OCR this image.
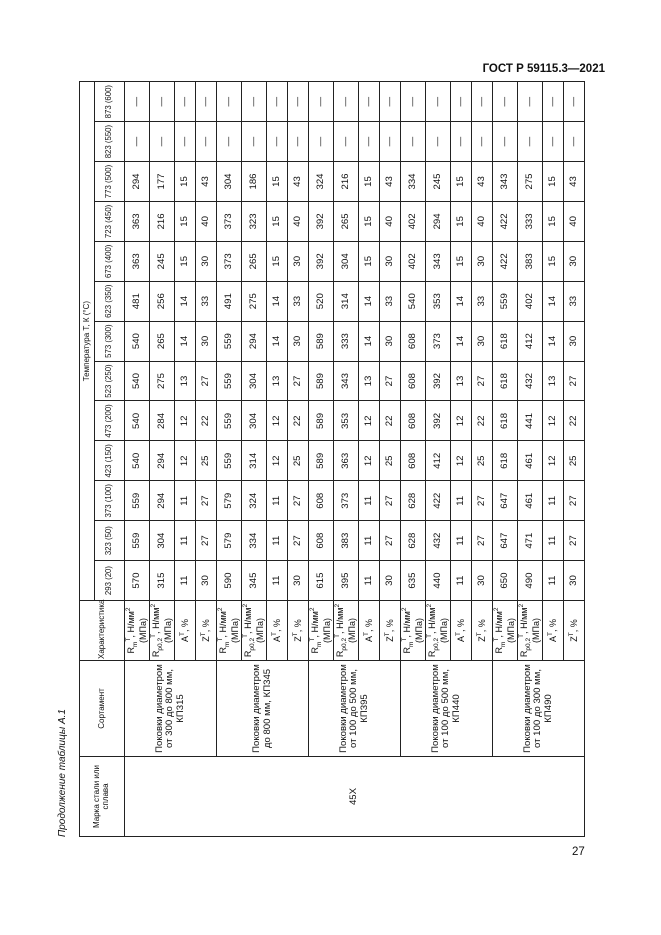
ГОСТ Р 59115.3—2021
27
Продолжение таблицы А.1	Марка стали или сплава	Сортамент	Характеристика	Температура T, К (°C)												
			293 (20)	323 (50)	373 (100)	423 (150)	473 (200)	523 (250)	573 (300)	623 (350)	673 (400)	723 (450)	773 (500)	823 (550)	873 (600)
45Х	Поковки диаметром от 300 до 800 мм, КП315	$R_m^T$, $Н/мм^2$
(МПа)	570	559	559	540	540	540	540	481	363	363	294	—	—
		$R_{p0,2}^T$, $Н/мм^2$
(МПа)	315	304	294	294	284	275	265	256	245	216	177	—	—
		$A^T$, %	11	11	11	12	12	13	14	14	15	15	15	—	—
		$Z^T$, %	30	27	27	25	22	27	30	33	30	40	43	—	—
	Поковки диаметром до 800 мм, КП345	$R_m^T$, $Н/мм^2$
(МПа)	590	579	579	559	559	559	559	491	373	373	304	—	—
		$R_{p0,2}^T$, $Н/мм^2$
(МПа)	345	334	324	314	304	304	294	275	265	323	186	—	—
		$A^T$, %	11	11	11	12	12	13	14	14	15	15	15	—	—
		$Z^T$, %	30	27	27	25	22	27	30	33	30	40	43	—	—
	Поковки диаметром от 100 до 500 мм, КП395	$R_m^T$, $Н/мм^2$
(МПа)	615	608	608	589	589	589	589	520	392	392	324	—	—
		$R_{p0,2}^T$, $Н/мм^2$
(МПа)	395	383	373	363	353	343	333	314	304	265	216	—	—
		$A^T$, %	11	11	11	12	12	13	14	14	15	15	15	—	—
		$Z^T$, %	30	27	27	25	22	27	30	33	30	40	43	—	—
	Поковки диаметром от 100 до 500 мм, КП440	$R_m^T$, $Н/мм^2$
(МПа)	635	628	628	608	608	608	608	540	402	402	334	—	—
		$R_{p0,2}^T$, $Н/мм^2$
(МПа)	440	432	422	412	392	392	373	353	343	294	245	—	—
		$A^T$, %	11	11	11	12	12	13	14	14	15	15	15	—	—
		$Z^T$, %	30	27	27	25	22	27	30	33	30	40	43	—	—
	Поковки диаметром от 100 до 300 мм, КП490	$R_m^T$, $Н/мм^2$
(МПа)	650	647	647	618	618	618	618	559	422	422	343	—	—
		$R_{p0,2}^T$, $Н/мм^2$
(МПа)	490	471	461	461	441	432	412	402	383	333	275	—	—
		$A^T$, %	11	11	11	12	12	13	14	14	15	15	15	—	—
		$Z^T$, %	30	27	27	25	22	27	30	33	30	40	43	—	—
